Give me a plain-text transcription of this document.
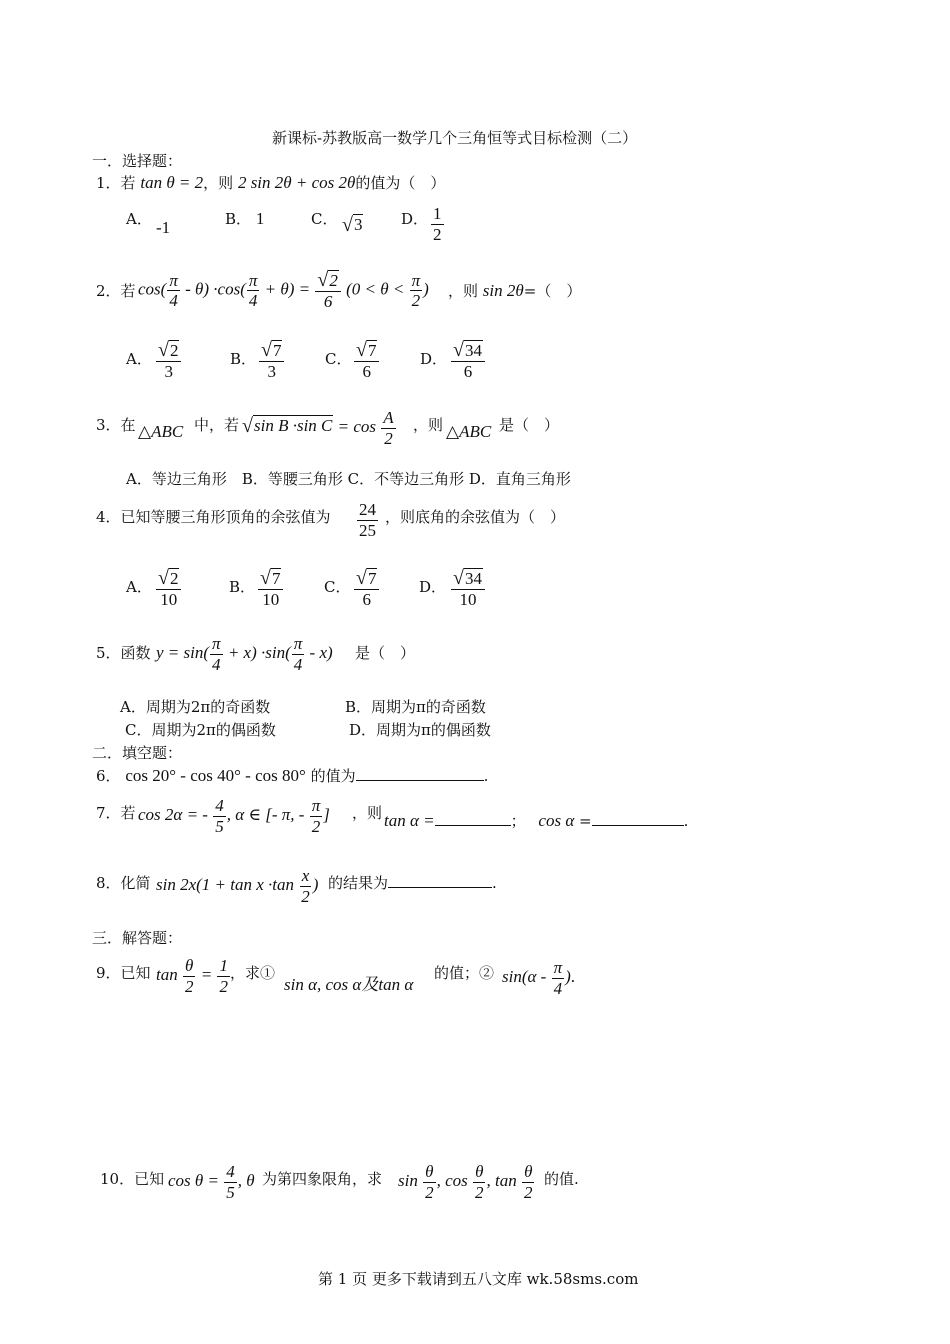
新课标-苏教版高一数学几个三角恒等式目标检测（二）
一．选择题：
1．若 tan θ = 2，则 2 sin 2θ + cos 2θ的值为（　）
A． -1	B． 1	C． √ 3	D． $\frac{1}{2}$
2．若 $\cos( \frac{\pi}{4} - \theta) \cdot\cos( \frac{\pi}{4} + \theta) = \frac{√2}{6} (0 < \theta < \frac{\pi}{2}$ ) ，则 sin 2θ=（　）
A． $\frac{√2}{3}$	B． $\frac{√7}{3}$	C． $\frac{√7}{6}$	D． $\frac{√34}{6}$
3．在 △ABC 中，若 √ sin B ·sin $C = \cos \frac{A}{2}$ ，则 △ABC 是（　）
A．等边三角形　B．等腰三角形 C．不等边三角形 D．直角三角形
4．已知等腰三角形顶角的余弦值为 $\frac{24}{25}$ ，则底角的余弦值为（　）
A． $\frac{√2}{10}$	B． $\frac{√7}{10}$	C． $\frac{√7}{6}$	D． $\frac{√34}{10}$
5．函数 $y = \sin( \frac{\pi}{4} + x) \cdot\sin( \frac{\pi}{4} - x)$ 是（　）
A．周期为2π的奇函数	B．周期为π的奇函数
C．周期为2π的偶函数	D．周期为π的偶函数
二．填空题：
6． cos 20° - cos 40° - cos 80° 的值为	.
7．若 cos 2α = - $\frac{4}{5}$ , α ∈ [- π, - $\frac{\pi}{2}$ ] ，则 tan α =	； cos α =	.
8．化简 $\sin 2x(1 + \tan x \cdot\tan \frac{x}{2}$ ) 的结果为	.
三．解答题：
9．已知 $\tan \frac{\theta}{2} = \frac{1}{2}$ ，求①
sin α, cos α及tan α
的值；② $\sin(\alpha - \frac{\pi}{4}$ ).
10．已知 $\cos \theta = \frac{4}{5}$ , θ 为第四象限角，求 $\sin \frac{\theta}{2}$ , $\cos \frac{\theta}{2}$ , $\tan \frac{\theta}{2}$ 的值.
第 1 页 更多下载请到五八文库 wk.58sms.com
